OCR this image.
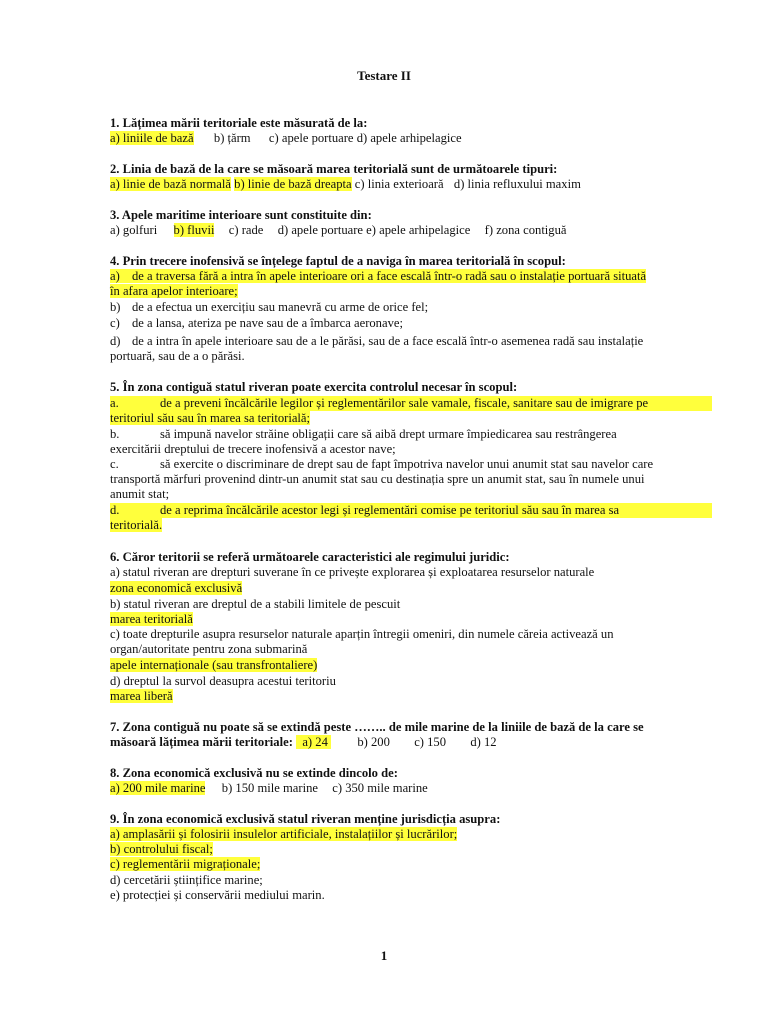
Testare II
1. Lățimea mării teritoriale este măsurată de la:
a) liniile de bază b) țărm c) apele portuare d) apele arhipelagice
2. Linia de bază de la care se măsoară marea teritorială sunt de următoarele tipuri:
a) linie de bază normală b) linie de bază dreapta c) linia exterioară d) linia refluxului maxim
3. Apele maritime interioare sunt constituite din:
a) golfuri b) fluvii c) rade d) apele portuare e) apele arhipelagice f) zona contiguă
4. Prin trecere inofensivă se înțelege faptul de a naviga în marea teritorială în scopul:
a) de a traversa fără a intra în apele interioare ori a face escală într-o radă sau o instalație portuară situată
în afara apelor interioare;
b) de a efectua un exercițiu sau manevră cu arme de orice fel;
c) de a lansa, ateriza pe nave sau de a îmbarca aeronave;
d) de a intra în apele interioare sau de a le părăsi, sau de a face escală într-o asemenea radă sau instalație
portuară, sau de a o părăsi.
5. În zona contiguă statul riveran poate exercita controlul necesar în scopul:
a.	de a preveni încălcările legilor și reglementărilor sale vamale, fiscale, sanitare sau de imigrare pe
teritoriul său sau în marea sa teritorială;
b.	să impună navelor străine obligații care să aibă drept urmare împiedicarea sau restrângerea
exercitării dreptului de trecere inofensivă a acestor nave;
c.	să exercite o discriminare de drept sau de fapt împotriva navelor unui anumit stat sau navelor care
transportă mărfuri provenind dintr-un anumit stat sau cu destinația spre un anumit stat, sau în numele unui
anumit stat;
d.	de a reprima încălcările acestor legi și reglementări comise pe teritoriul său sau în marea sa
teritorială.
6. Căror teritorii se referă următoarele caracteristici ale regimului juridic:
a) statul riveran are drepturi suverane în ce privește explorarea și exploatarea resurselor naturale
zona economică exclusivă
b) statul riveran are dreptul de a stabili limitele de pescuit
marea teritorială
c) toate drepturile asupra resurselor naturale aparțin întregii omeniri, din numele căreia activează un
organ/autoritate pentru zona submarină
apele internaționale (sau transfrontaliere)
d) dreptul la survol deasupra acestui teritoriu
marea liberă
7. Zona contiguă nu poate să se extindă peste …….. de mile marine de la liniile de bază de la care se
măsoară lățimea mării teritoriale: a) 24 b) 200 c) 150 d) 12
8. Zona economică exclusivă nu se extinde dincolo de:
a) 200 mile marine b) 150 mile marine c) 350 mile marine
9. În zona economică exclusivă statul riveran menține jurisdicția asupra:
a) amplasării și folosirii insulelor artificiale, instalațiilor și lucrărilor;
b) controlului fiscal;
c) reglementării migraționale;
d) cercetării științifice marine;
e) protecției și conservării mediului marin.
1
